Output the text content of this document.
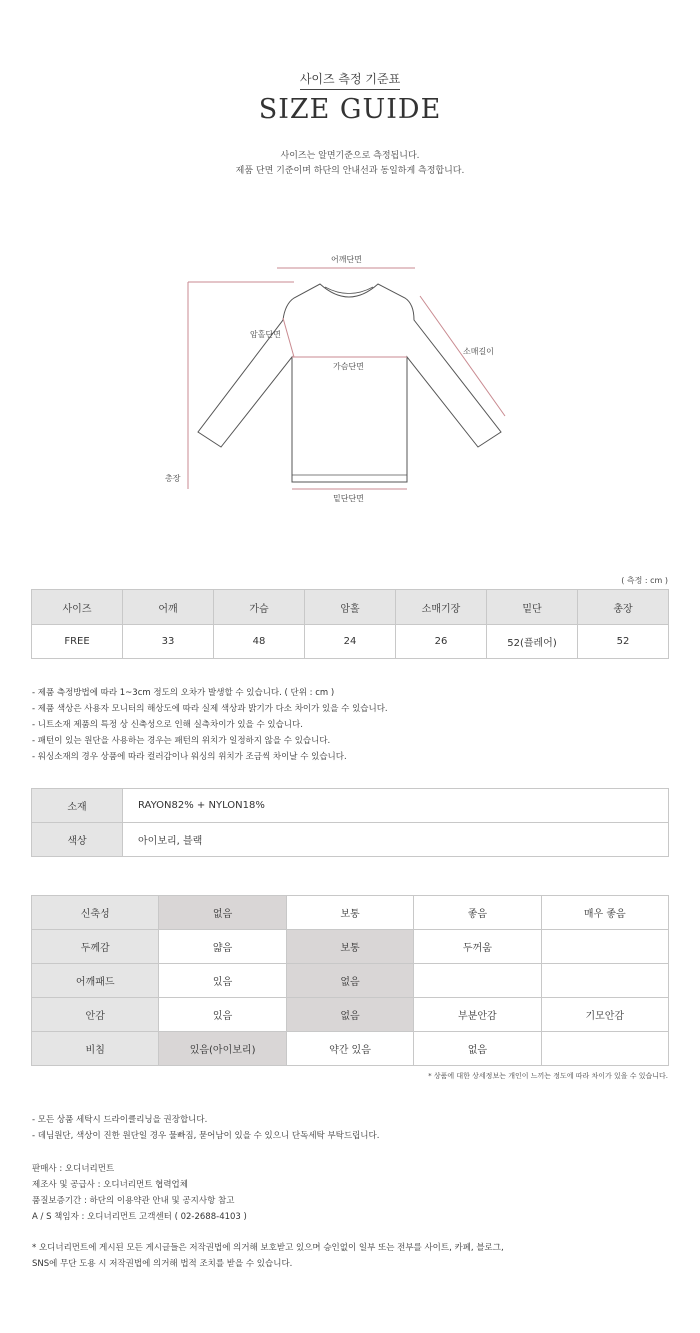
사이즈 측정 기준표
SIZE GUIDE
사이즈는 알면기준으로 측정됩니다.
제품 단면 기준이며 하단의 안내선과 동일하게 측정합니다.
어깨단면
암홀단면
소매길이
가슴단면
총장
밑단단면
( 측정 : cm )
사이즈	어깨	가슴	암홀	소매기장	밑단	총장
FREE	33	48	24	26	52(플레어)	52
- 제품 측정방법에 따라 1~3cm 정도의 오차가 발생할 수 있습니다. ( 단위 : cm )
- 제품 색상은 사용자 모니터의 해상도에 따라 실제 색상과 밝기가 다소 차이가 있을 수 있습니다.
- 니트소재 제품의 특정 상 신축성으로 인해 실측차이가 있을 수 있습니다.
- 패턴이 있는 원단을 사용하는 경우는 패턴의 위치가 일정하지 않을 수 있습니다.
- 워싱소재의 경우 상품에 따라 컬러감이나 워싱의 위치가 조금씩 차이날 수 있습니다.
소재	RAYON82% + NYLON18%
색상	아이보리, 블랙
신축성	없음	보통	좋음	매우 좋음
두께감	얇음	보통	두꺼움	
어깨패드	있음	없음		
안감	있음	없음	부분안감	기모안감
비침	있음(아이보리)	약간 있음	없음	
* 상품에 대한 상세정보는 개인이 느끼는 정도에 따라 차이가 있을 수 있습니다.
- 모든 상품 세탁시 드라이클리닝을 권장합니다.
- 데님원단, 색상이 진한 원단일 경우 물빠짐, 묻어남이 있을 수 있으니 단독세탁 부탁드립니다.
판매사 : 오디너리먼트
제조사 및 공급사 : 오디너리먼트 협력업체
품질보증기간 : 하단의 이용약관 안내 및 공지사항 참고
A / S 책임자 : 오디너리먼트 고객센터 ( 02-2688-4103 )
* 오디너리먼트에 게시된 모든 게시글들은 저작권법에 의거해 보호받고 있으며 승인없이 일부 또는 전부를 사이트, 카페, 블로그,
SNS에 무단 도용 시 저작권법에 의거해 법적 조치를 받을 수 있습니다.
